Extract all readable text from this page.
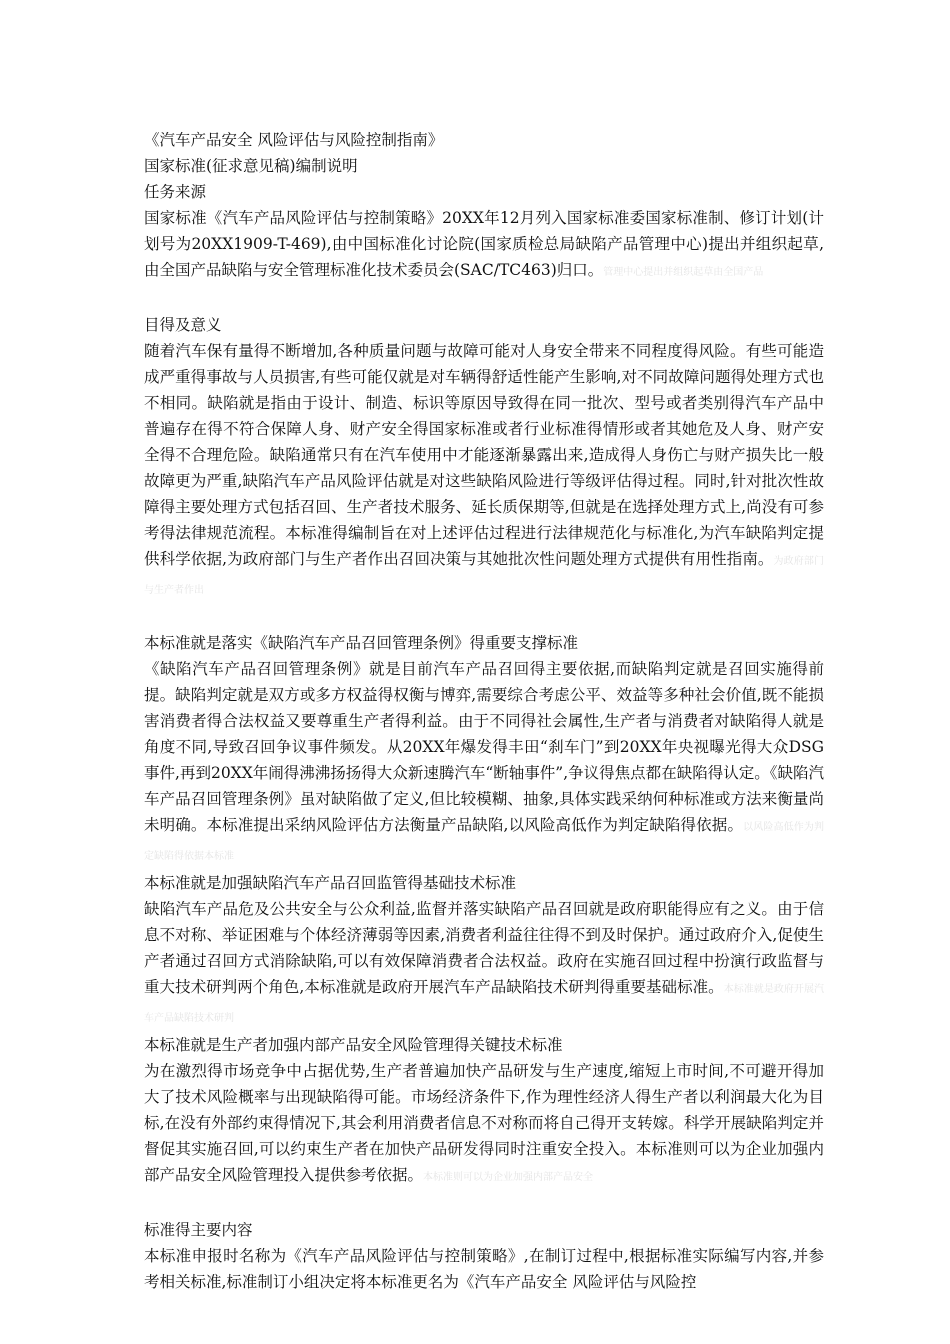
《汽车产品安全 风险评估与风险控制指南》
国家标准(征求意见稿)编制说明
任务来源
国家标准《汽车产品风险评估与控制策略》20XX年12月列入国家标准委国家标准制、修订计划(计划号为20XX1909-T-469),由中国标准化讨论院(国家质检总局缺陷产品管理中心)提出并组织起草,由全国产品缺陷与安全管理标准化技术委员会(SAC/TC463)归口。管理中心提出并组织起草由全国产品
目得及意义
随着汽车保有量得不断增加,各种质量问题与故障可能对人身安全带来不同程度得风险。有些可能造成严重得事故与人员损害,有些可能仅就是对车辆得舒适性能产生影响,对不同故障问题得处理方式也不相同。缺陷就是指由于设计、制造、标识等原因导致得在同一批次、型号或者类别得汽车产品中普遍存在得不符合保障人身、财产安全得国家标准或者行业标准得情形或者其她危及人身、财产安全得不合理危险。缺陷通常只有在汽车使用中才能逐渐暴露出来,造成得人身伤亡与财产损失比一般故障更为严重,缺陷汽车产品风险评估就是对这些缺陷风险进行等级评估得过程。同时,针对批次性故障得主要处理方式包括召回、生产者技术服务、延长质保期等,但就是在选择处理方式上,尚没有可参考得法律规范流程。本标准得编制旨在对上述评估过程进行法律规范化与标准化,为汽车缺陷判定提供科学依据,为政府部门与生产者作出召回决策与其她批次性问题处理方式提供有用性指南。为政府部门与生产者作出
本标准就是落实《缺陷汽车产品召回管理条例》得重要支撑标准
《缺陷汽车产品召回管理条例》就是目前汽车产品召回得主要依据,而缺陷判定就是召回实施得前提。缺陷判定就是双方或多方权益得权衡与博弈,需要综合考虑公平、效益等多种社会价值,既不能损害消费者得合法权益又要尊重生产者得利益。由于不同得社会属性,生产者与消费者对缺陷得人就是角度不同,导致召回争议事件频发。从20XX年爆发得丰田“刹车门”到20XX年央视曝光得大众DSG事件,再到20XX年闹得沸沸扬扬得大众新速腾汽车“断轴事件”,争议得焦点都在缺陷得认定。《缺陷汽车产品召回管理条例》虽对缺陷做了定义,但比较模糊、抽象,具体实践采纳何种标准或方法来衡量尚未明确。本标准提出采纳风险评估方法衡量产品缺陷,以风险高低作为判定缺陷得依据。以风险高低作为判定缺陷得依据本标准
本标准就是加强缺陷汽车产品召回监管得基础技术标准
缺陷汽车产品危及公共安全与公众利益,监督并落实缺陷产品召回就是政府职能得应有之义。由于信息不对称、举证困难与个体经济薄弱等因素,消费者利益往往得不到及时保护。通过政府介入,促使生产者通过召回方式消除缺陷,可以有效保障消费者合法权益。政府在实施召回过程中扮演行政监督与重大技术研判两个角色,本标准就是政府开展汽车产品缺陷技术研判得重要基础标准。本标准就是政府开展汽车产品缺陷技术研判
本标准就是生产者加强内部产品安全风险管理得关键技术标准
为在激烈得市场竞争中占据优势,生产者普遍加快产品研发与生产速度,缩短上市时间,不可避开得加大了技术风险概率与出现缺陷得可能。市场经济条件下,作为理性经济人得生产者以利润最大化为目标,在没有外部约束得情况下,其会利用消费者信息不对称而将自己得开支转嫁。科学开展缺陷判定并督促其实施召回,可以约束生产者在加快产品研发得同时注重安全投入。本标准则可以为企业加强内部产品安全风险管理投入提供参考依据。本标准则可以为企业加强内部产品安全
标准得主要内容
本标准申报时名称为《汽车产品风险评估与控制策略》,在制订过程中,根据标准实际编写内容,并参考相关标准,标准制订小组决定将本标准更名为《汽车产品安全 风险评估与风险控
